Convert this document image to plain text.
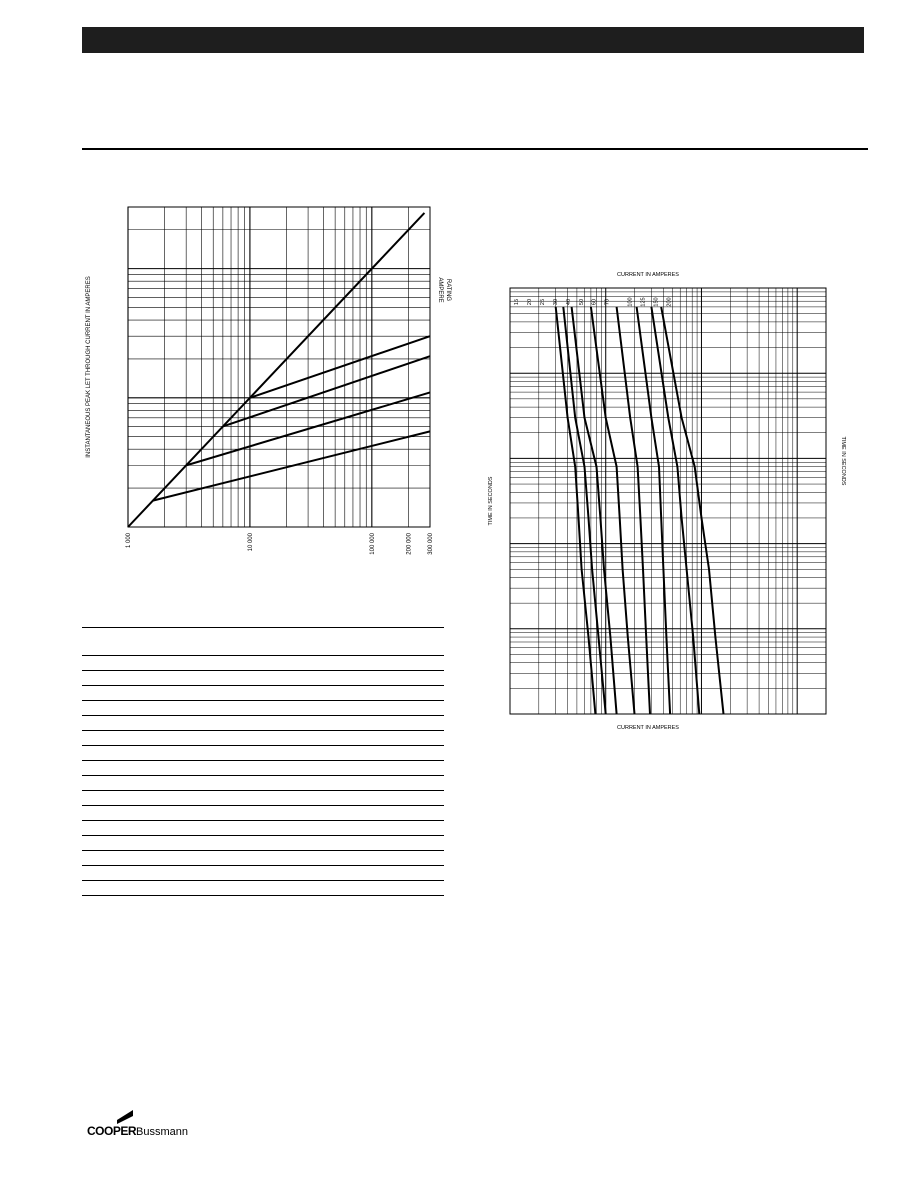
1 000	10 000	100 000	200 000	300 000
INSTANTANEOUS PEAK LET THROUGH CURRENT IN AMPERES	AMPERE RATING
15 20 25 30 40 50 60 70	100 125 150 200
CURRENT IN AMPERES
CURRENT IN AMPERES
TIME IN SECONDS
TIME IN SECONDS
COOPERBussmann
